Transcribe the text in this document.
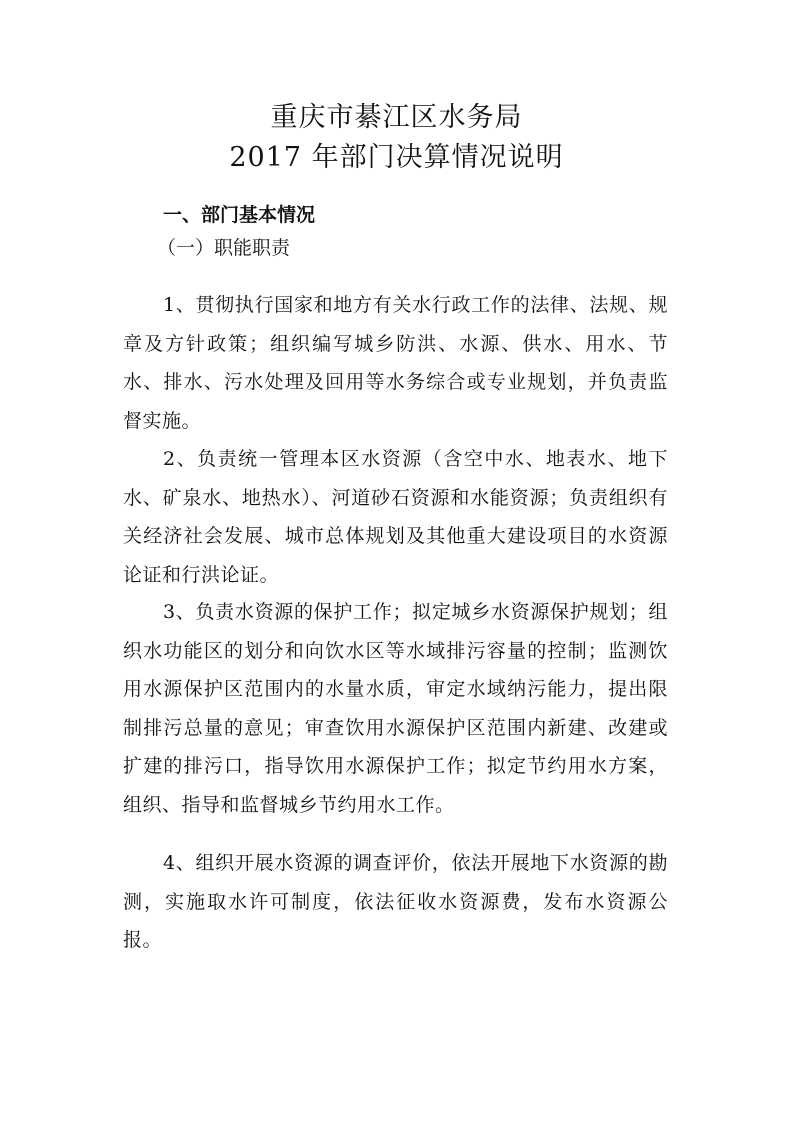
重庆市綦江区水务局
2017 年部门决算情况说明
一、部门基本情况
（一）职能职责

1、贯彻执行国家和地方有关水行政工作的法律、法规、规章及方针政策；组织编写城乡防洪、水源、供水、用水、节水、排水、污水处理及回用等水务综合或专业规划，并负责监督实施。

2、负责统一管理本区水资源（含空中水、地表水、地下水、矿泉水、地热水）、河道砂石资源和水能资源；负责组织有关经济社会发展、城市总体规划及其他重大建设项目的水资源论证和行洪论证。

3、负责水资源的保护工作；拟定城乡水资源保护规划；组织水功能区的划分和向饮水区等水域排污容量的控制；监测饮用水源保护区范围内的水量水质，审定水域纳污能力，提出限制排污总量的意见；审查饮用水源保护区范围内新建、改建或扩建的排污口，指导饮用水源保护工作；拟定节约用水方案，组织、指导和监督城乡节约用水工作。

4、组织开展水资源的调查评价，依法开展地下水资源的勘测，实施取水许可制度，依法征收水资源费，发布水资源公报。
